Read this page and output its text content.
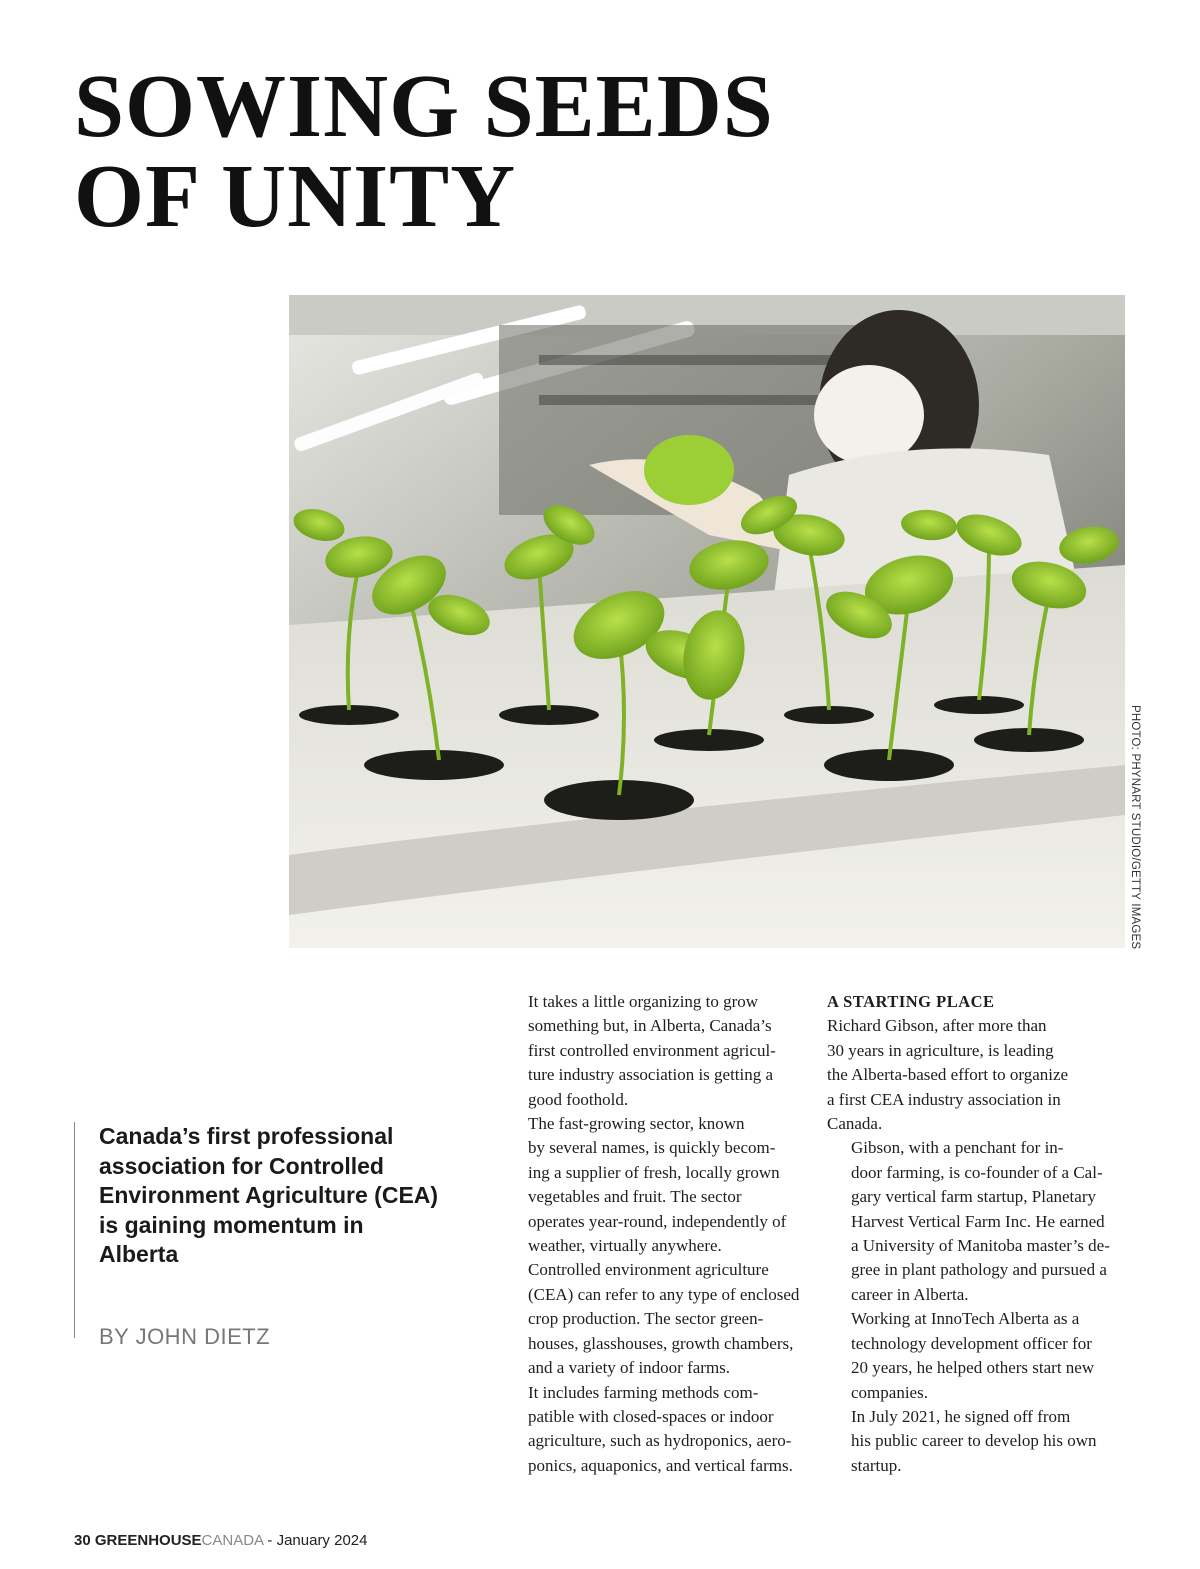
SOWING SEEDS
OF UNITY
PHOTO: PHYNART STUDIO/GETTY IMAGES

Canada’s first professional association for Controlled Environment Agriculture (CEA) is gaining momentum in Alberta

BY JOHN DIETZ

It takes a little organizing to grow
something but, in Alberta, Canada’s
first controlled environment agricul-
ture industry association is getting a
good foothold.

The fast-growing sector, known
by several names, is quickly becom-
ing a supplier of fresh, locally grown
vegetables and fruit. The sector
operates year-round, independently of
weather, virtually anywhere.

Controlled environment agriculture
(CEA) can refer to any type of enclosed
crop production. The sector green-
houses, glasshouses, growth chambers,
and a variety of indoor farms.

It includes farming methods com-
patible with closed-spaces or indoor
agriculture, such as hydroponics, aero-
ponics, aquaponics, and vertical farms.

A STARTING PLACE

Richard Gibson, after more than
30 years in agriculture, is leading
the Alberta-based effort to organize
a first CEA industry association in
Canada.

Gibson, with a penchant for in-
door farming, is co-founder of a Cal-
gary vertical farm startup, Planetary
Harvest Vertical Farm Inc. He earned
a University of Manitoba master’s de-
gree in plant pathology and pursued a
career in Alberta.

Working at InnoTech Alberta as a
technology development officer for
20 years, he helped others start new
companies.

In July 2021, he signed off from
his public career to develop his own
startup.

30 GREENHOUSECANADA - January 2024
